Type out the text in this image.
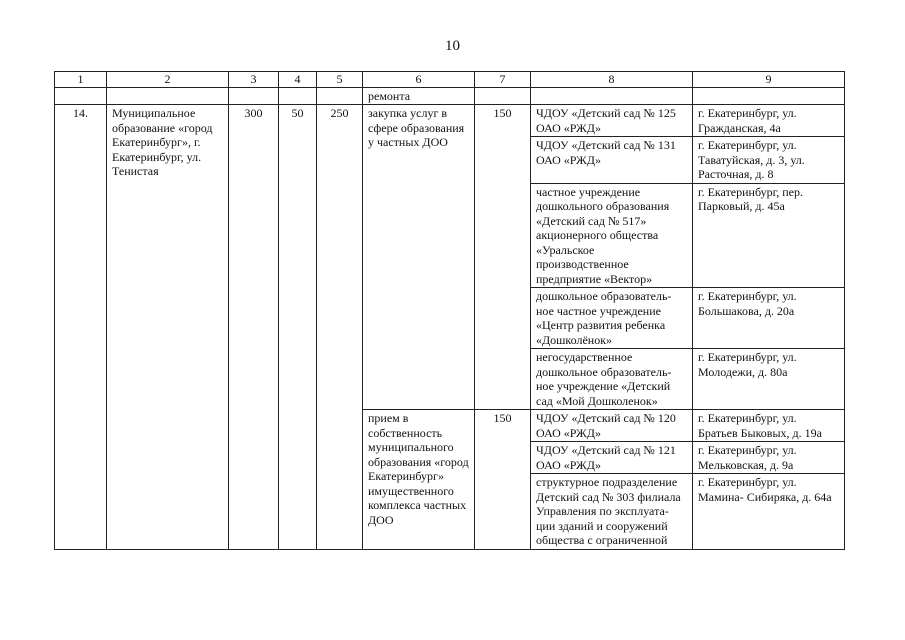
10
1	2	3	4	5	6	7	8	9
					ремонта			
14.	Муниципальное образование «город Екатеринбург», г. Екатеринбург, ул. Тенистая	300	50	250	закупка услуг в сфере образования у частных ДОО	150	ЧДОУ «Детский сад № 125 ОАО «РЖД»	г. Екатеринбург, ул. Гражданская, 4а
							ЧДОУ «Детский сад № 131 ОАО «РЖД»	г. Екатеринбург, ул. Таватуйская, д. 3, ул. Расточная, д. 8
							частное учреждение дошкольного образования «Детский сад № 517» акционерного общества «Уральское производственное предприятие «Вектор»	г. Екатеринбург, пер. Парковый, д. 45а
							дошкольное образователь-ное частное учреждение «Центр развития ребенка «Дошколёнок»	г. Екатеринбург, ул. Большакова, д. 20а
							негосударственное дошкольное образователь-ное учреждение «Детский сад «Мой Дошколенок»	г. Екатеринбург, ул. Молодежи, д. 80а
					прием в собственность муниципального образования «город Екатеринбург» имущественного комплекса частных ДОО	150	ЧДОУ «Детский сад № 120 ОАО «РЖД»	г. Екатеринбург, ул. Братьев Быковых, д. 19а
							ЧДОУ «Детский сад № 121 ОАО «РЖД»	г. Екатеринбург, ул. Мельковская, д. 9а
							структурное подразделение Детский сад № 303 филиала Управления по эксплуата-ции зданий и сооружений общества с ограниченной	г. Екатеринбург, ул. Мамина- Сибиряка, д. 64а
